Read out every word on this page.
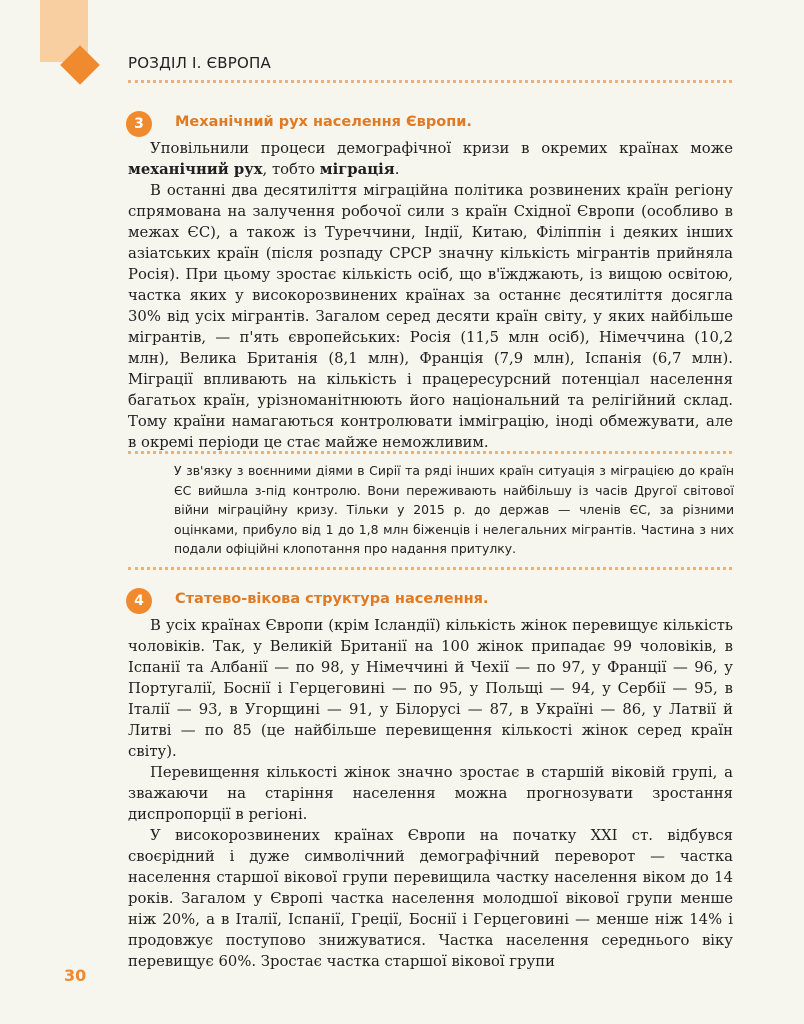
РОЗДІЛ І. ЄВРОПА
3	Механічний рух населення Європи.

Уповільнили процеси демографічної кризи в окремих країнах може механічний рух, тобто міграція.

В останні два десятиліття міграційна політика розвинених країн регіону спрямована на залучення робочої сили з країн Східної Європи (особливо в межах ЄС), а також із Туреччини, Індії, Китаю, Філіппін і деяких інших азіатських країн (після розпаду СРСР значну кількість мігрантів прийняла Росія). При цьому зростає кількість осіб, що в'їжджають, із вищою освітою, частка яких у високорозвинених країнах за останнє десятиліття досягла 30% від усіх мігрантів. Загалом серед десяти країн світу, у яких найбільше мігрантів, — п'ять європейських: Росія (11,5 млн осіб), Німеччина (10,2 млн), Велика Британія (8,1 млн), Франція (7,9 млн), Іспанія (6,7 млн). Міграції впливають на кількість і працересурсний потенціал населення багатьох країн, урізноманітнюють його національний та релігійний склад. Тому країни намагаються контролювати імміграцію, іноді обмежувати, але в окремі періоди це стає майже неможливим.

У зв'язку з воєнними діями в Сирії та ряді інших країн ситуація з міграцією до країн ЄС вийшла з-під контролю. Вони переживають найбільшу із часів Другої світової війни міграційну кризу. Тільки у 2015 р. до держав — членів ЄС, за різними оцінками, прибуло від 1 до 1,8 млн біженців і нелегальних мігрантів. Частина з них подали офіційні клопотання про надання притулку.
4	Статево-вікова структура населення.

В усіх країнах Європи (крім Ісландії) кількість жінок перевищує кількість чоловіків. Так, у Великій Британії на 100 жінок припадає 99 чоловіків, в Іспанії та Албанії — по 98, у Німеччині й Чехії — по 97, у Франції — 96, у Португалії, Боснії і Герцеговині — по 95, у Польщі — 94, у Сербії — 95, в Італії — 93, в Угорщині — 91, у Білорусі — 87, в Україні — 86, у Латвії й Литві — по 85 (це найбільше перевищення кількості жінок серед країн світу).

Перевищення кількості жінок значно зростає в старшій віковій групі, а зважаючи на старіння населення можна прогнозувати зростання диспропорції в регіоні.

У високорозвинених країнах Європи на початку XXI ст. відбувся своєрідний і дуже символічний демографічний переворот — частка населення старшої вікової групи перевищила частку населення віком до 14 років. Загалом у Європі частка населення молодшої вікової групи менше ніж 20%, а в Італії, Іспанії, Греції, Боснії і Герцеговині — менше ніж 14% і продовжує поступово знижуватися. Частка населення середнього віку перевищує 60%. Зростає частка старшої вікової групи

30
